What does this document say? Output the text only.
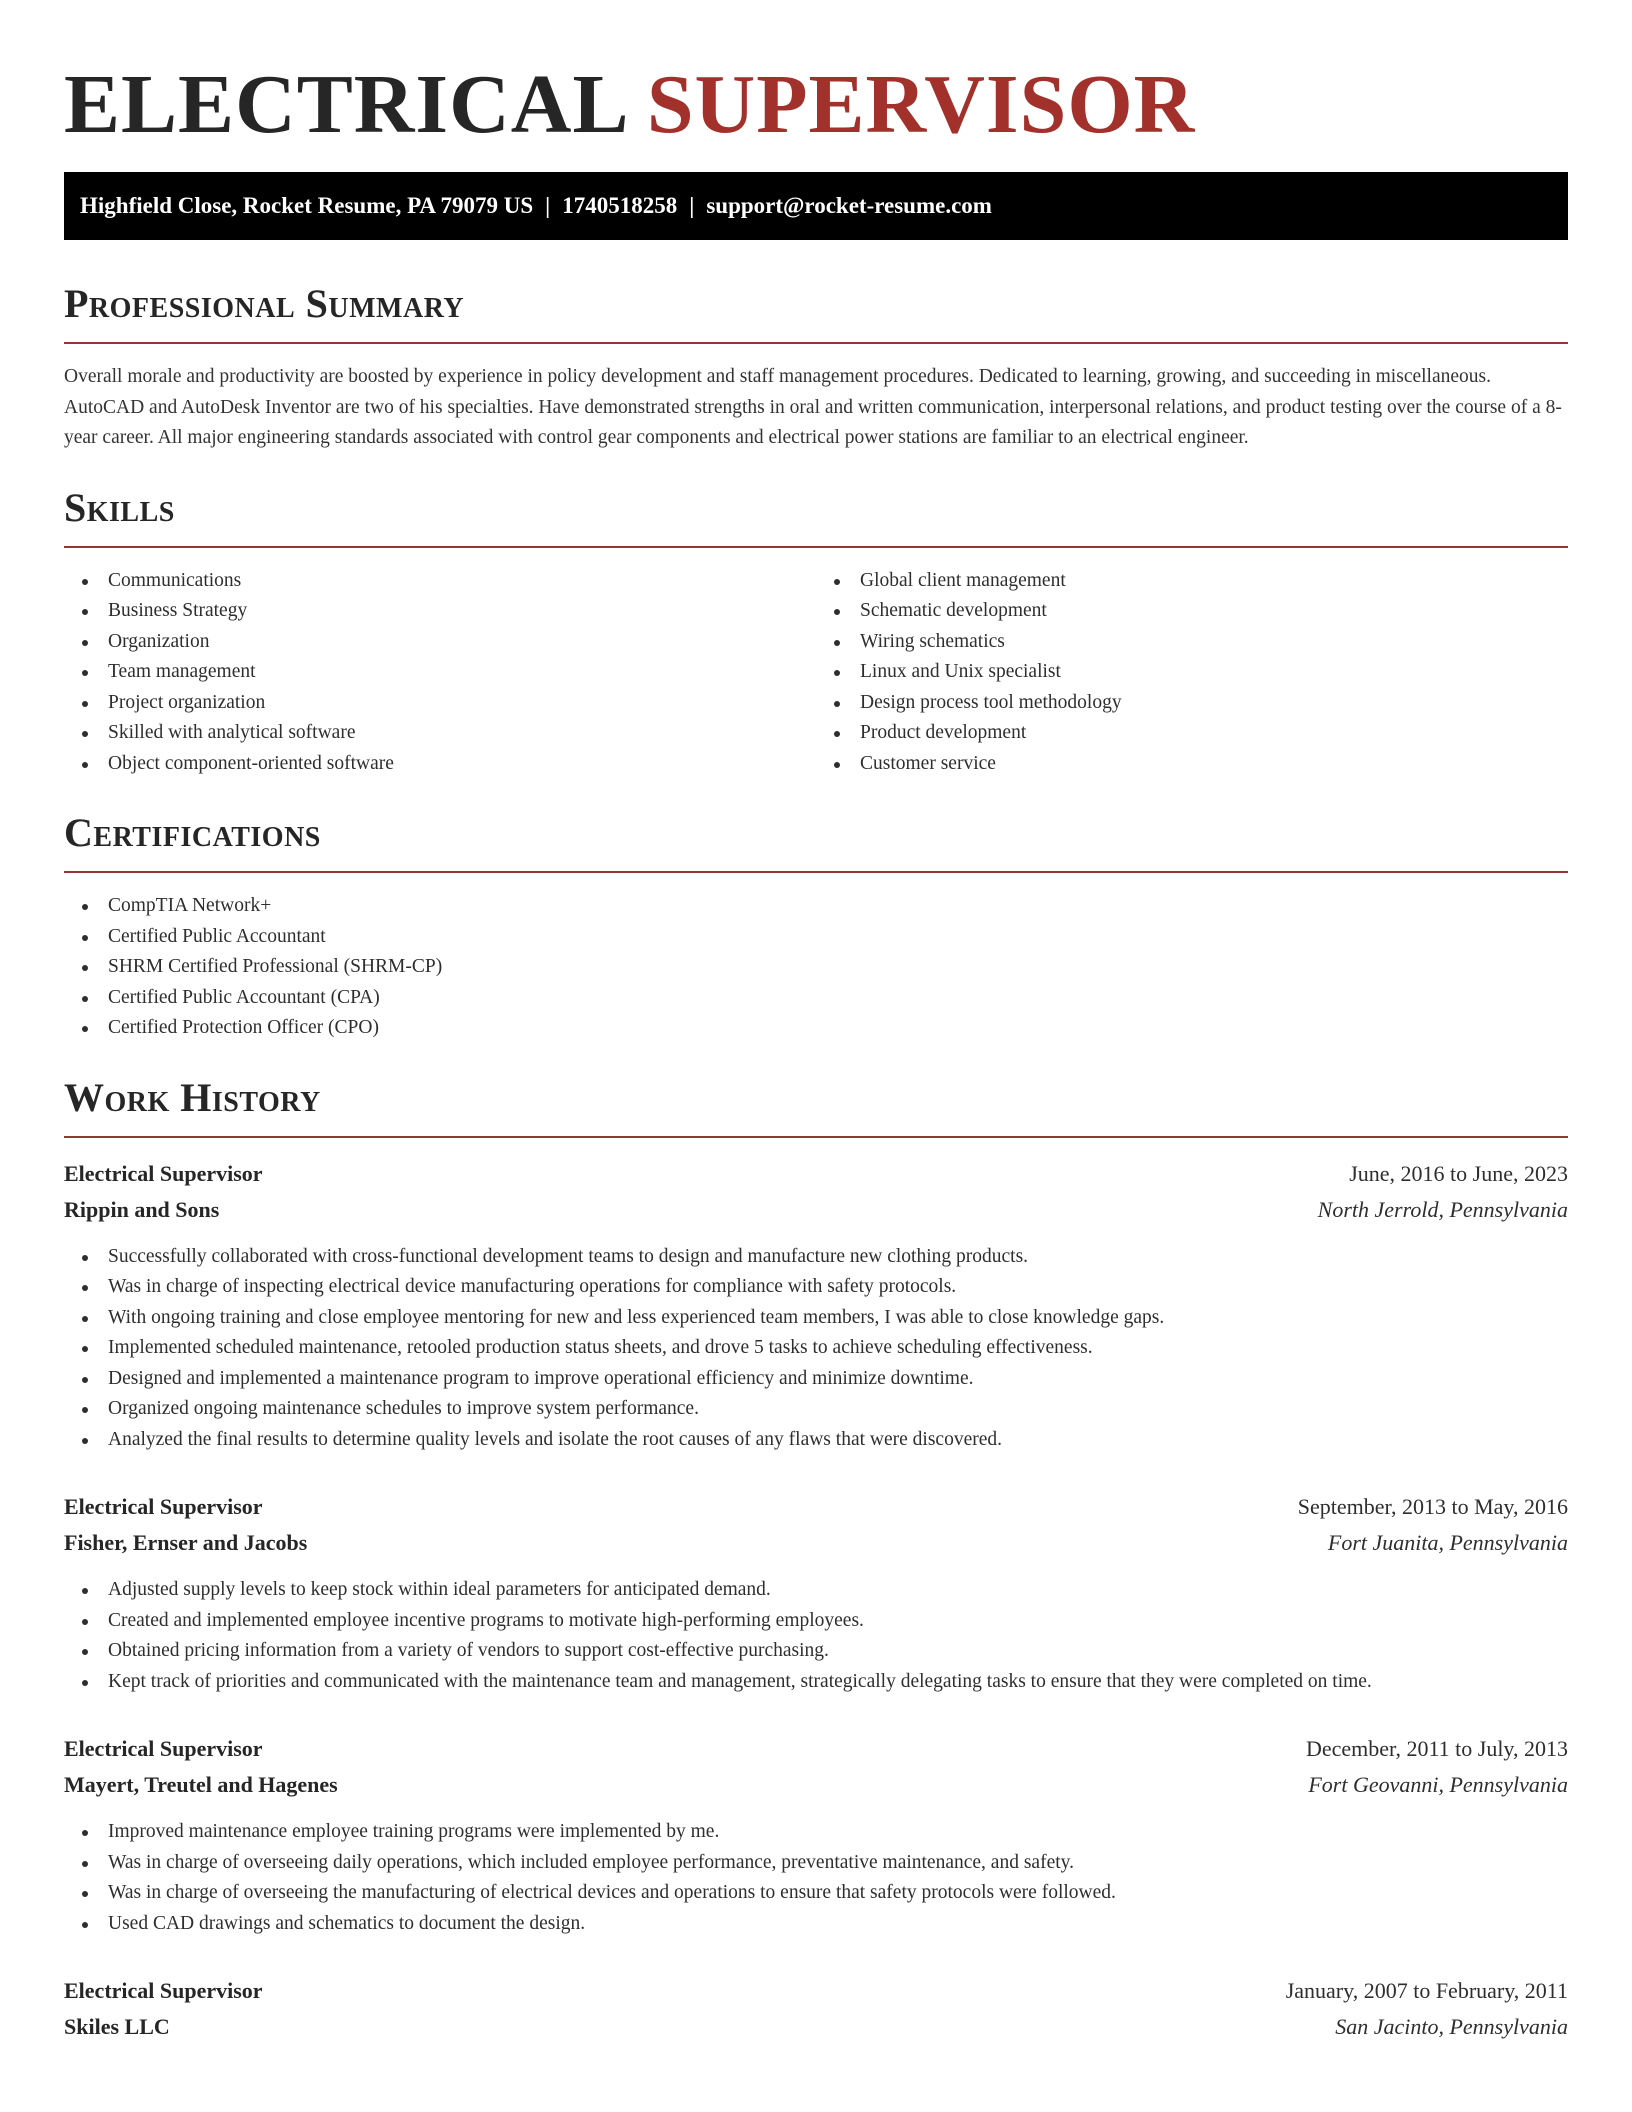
ELECTRICAL SUPERVISOR
Highfield Close, Rocket Resume, PA 79079 US | 1740518258 | support@rocket-resume.com
Professional Summary

Overall morale and productivity are boosted by experience in policy development and staff management procedures. Dedicated to learning, growing, and succeeding in miscellaneous. AutoCAD and AutoDesk Inventor are two of his specialties. Have demonstrated strengths in oral and written communication, interpersonal relations, and product testing over the course of a 8-year career. All major engineering standards associated with control gear components and electrical power stations are familiar to an electrical engineer.

Skills
Communications
Business Strategy
Organization
Team management
Project organization
Skilled with analytical software
Object component-oriented software
Global client management
Schematic development
Wiring schematics
Linux and Unix specialist
Design process tool methodology
Product development
Customer service
Certifications
CompTIA Network+
Certified Public Accountant
SHRM Certified Professional (SHRM-CP)
Certified Public Accountant (CPA)
Certified Protection Officer (CPO)
Work History
Electrical Supervisor	June, 2016 to June, 2023
Rippin and Sons	North Jerrold, Pennsylvania
Successfully collaborated with cross-functional development teams to design and manufacture new clothing products.
Was in charge of inspecting electrical device manufacturing operations for compliance with safety protocols.
With ongoing training and close employee mentoring for new and less experienced team members, I was able to close knowledge gaps.
Implemented scheduled maintenance, retooled production status sheets, and drove 5 tasks to achieve scheduling effectiveness.
Designed and implemented a maintenance program to improve operational efficiency and minimize downtime.
Organized ongoing maintenance schedules to improve system performance.
Analyzed the final results to determine quality levels and isolate the root causes of any flaws that were discovered.
Electrical Supervisor	September, 2013 to May, 2016
Fisher, Ernser and Jacobs	Fort Juanita, Pennsylvania
Adjusted supply levels to keep stock within ideal parameters for anticipated demand.
Created and implemented employee incentive programs to motivate high-performing employees.
Obtained pricing information from a variety of vendors to support cost-effective purchasing.
Kept track of priorities and communicated with the maintenance team and management, strategically delegating tasks to ensure that they were completed on time.
Electrical Supervisor	December, 2011 to July, 2013
Mayert, Treutel and Hagenes	Fort Geovanni, Pennsylvania
Improved maintenance employee training programs were implemented by me.
Was in charge of overseeing daily operations, which included employee performance, preventative maintenance, and safety.
Was in charge of overseeing the manufacturing of electrical devices and operations to ensure that safety protocols were followed.
Used CAD drawings and schematics to document the design.
Electrical Supervisor	January, 2007 to February, 2011
Skiles LLC	San Jacinto, Pennsylvania
